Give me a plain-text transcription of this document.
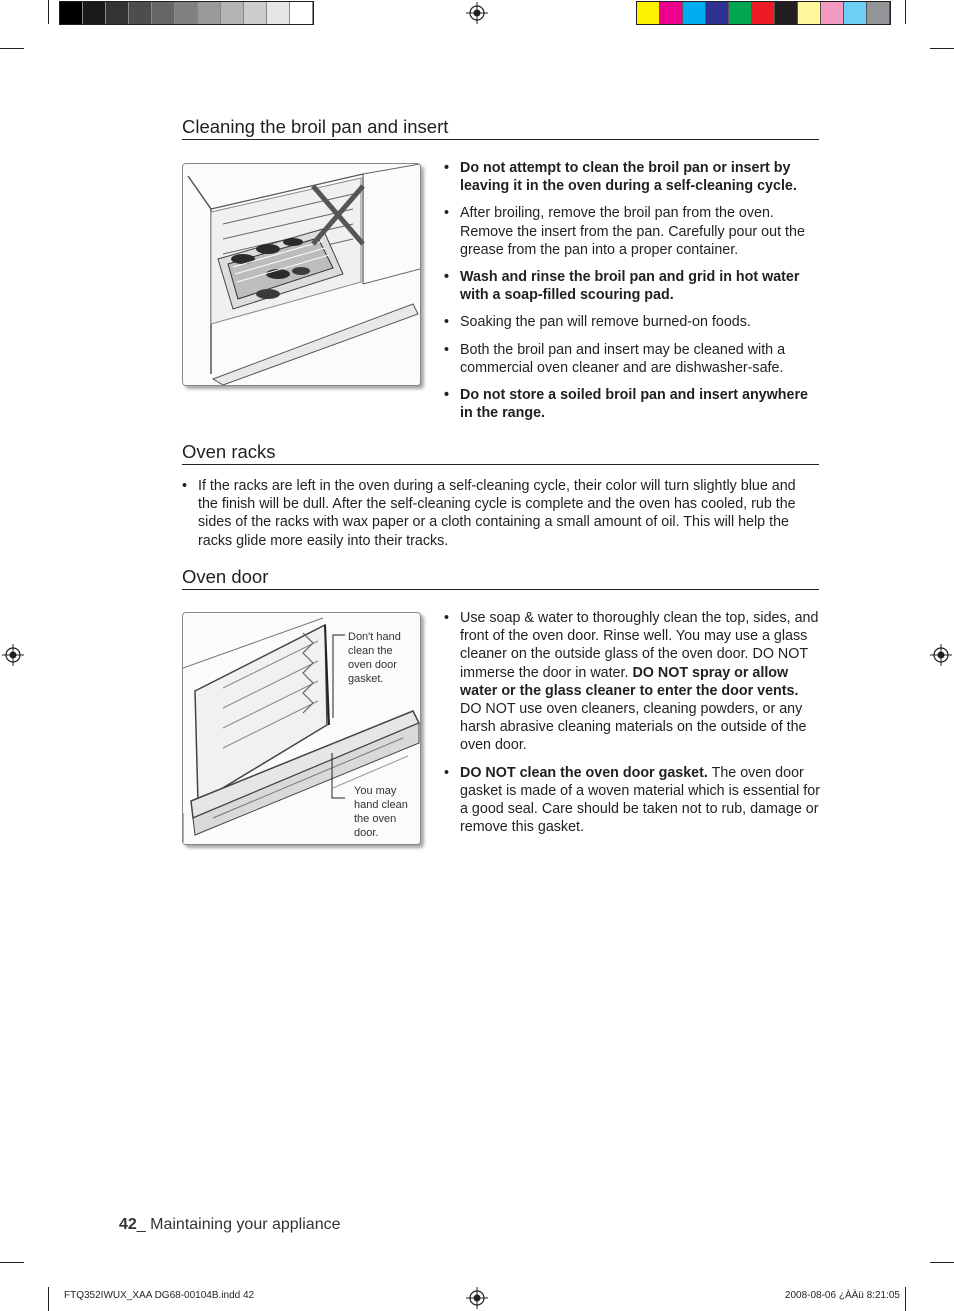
Cleaning the broil pan and insert
• Do not attempt to clean the broil pan or insert by leaving it in the oven during a self-cleaning cycle.
• After broiling, remove the broil pan from the oven. Remove the insert from the pan. Carefully pour out the grease from the pan into a proper container.
• Wash and rinse the broil pan and grid in hot water with a soap-filled scouring pad.
• Soaking the pan will remove burned-on foods.
• Both the broil pan and insert may be cleaned with a commercial oven cleaner and are dishwasher-safe.
• Do not store a soiled broil pan and insert anywhere in the range.
Oven racks
• If the racks are left in the oven during a self-cleaning cycle, their color will turn slightly blue and the finish will be dull. After the self-cleaning cycle is complete and the oven has cooled, rub the sides of the racks with wax paper or a cloth containing a small amount of oil. This will help the racks glide more easily into their tracks.
Oven door
Don't hand clean the oven door gasket.
You may hand clean the oven door.
• Use soap & water to thoroughly clean the top, sides, and front of the oven door. Rinse well. You may use a glass cleaner on the outside glass of the oven door. DO NOT immerse the door in water. DO NOT spray or allow water or the glass cleaner to enter the door vents. DO NOT use oven cleaners, cleaning powders, or any harsh abrasive cleaning materials on the outside of the oven door.
• DO NOT clean the oven door gasket. The oven door gasket is made of a woven material which is essential for a good seal. Care should be taken not to rub, damage or remove this gasket.
42_ Maintaining your appliance
FTQ352IWUX_XAA DG68-00104B.indd 42	2008-08-06 ¿ÀÀü 8:21:05
